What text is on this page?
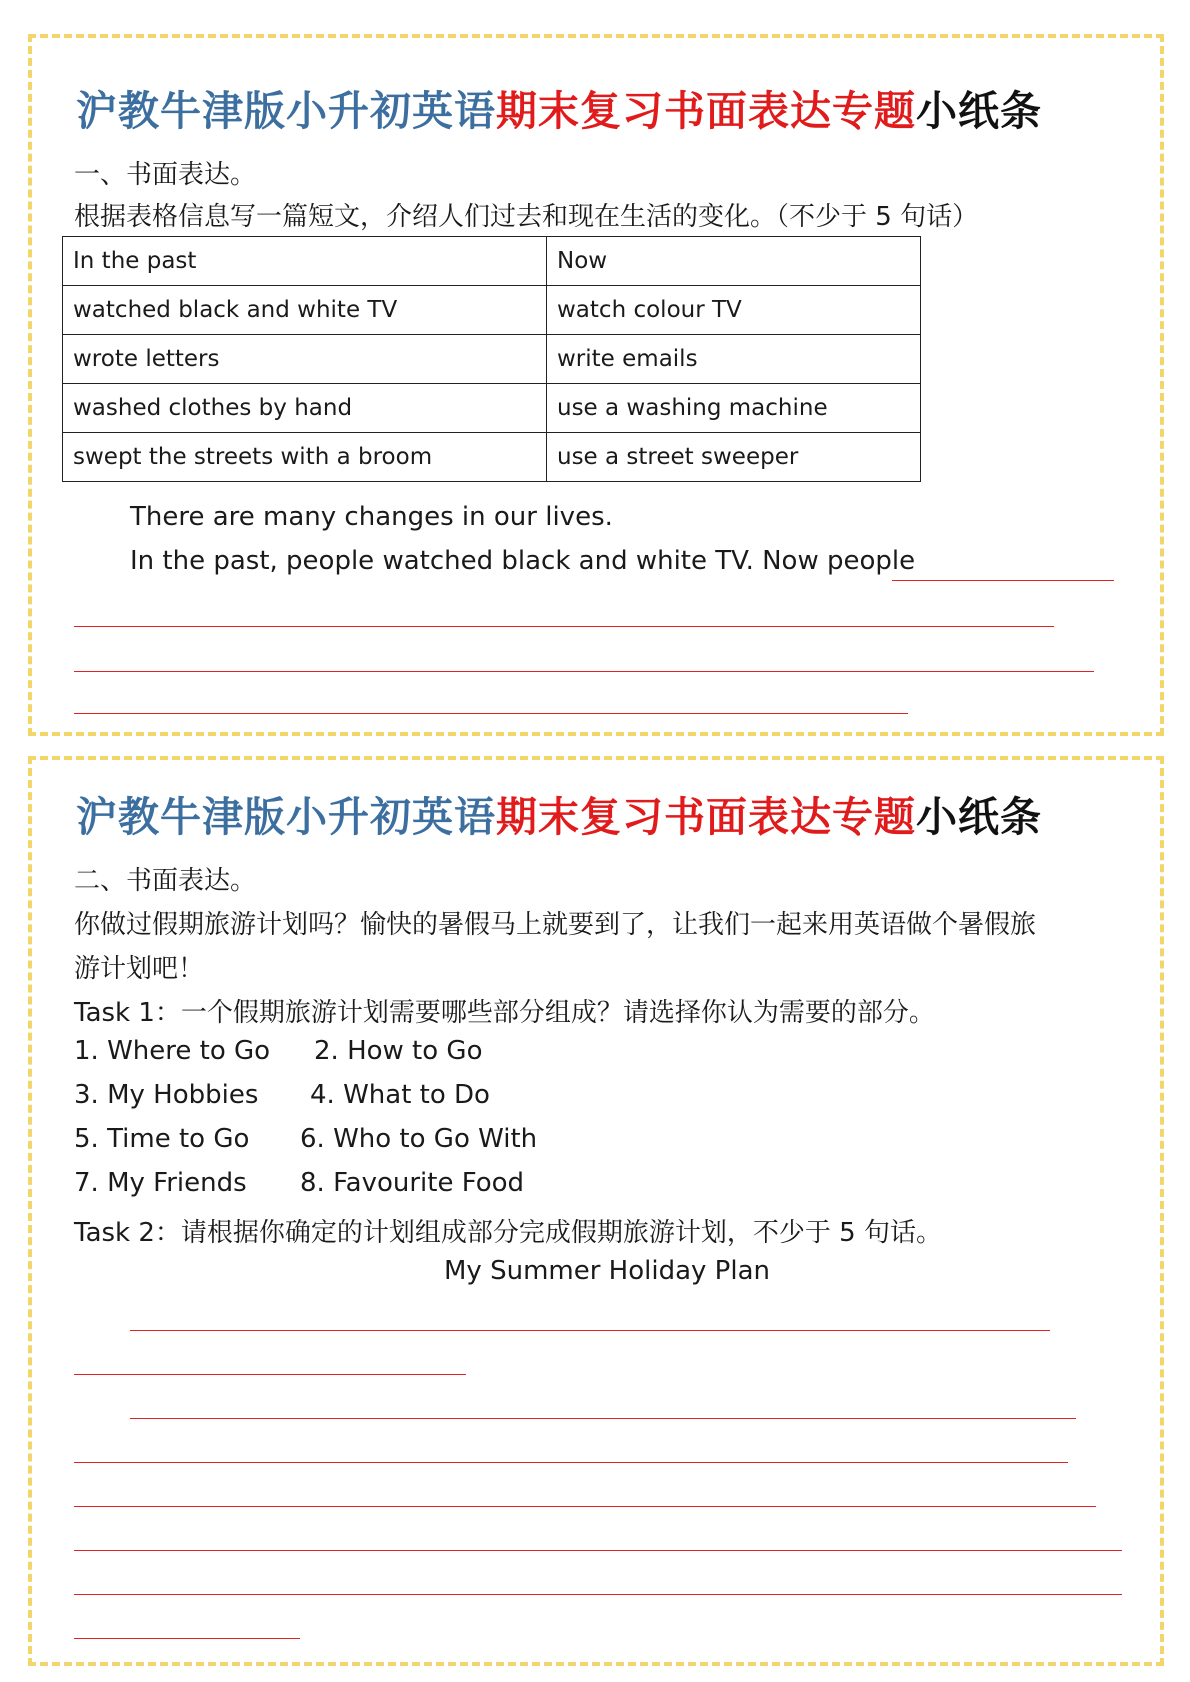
沪教牛津版小升初英语期末复习书面表达专题小纸条
一、书面表达。
根据表格信息写一篇短文，介绍人们过去和现在生活的变化。（不少于 5 句话）
In the past	Now
watched black and white TV	watch colour TV
wrote letters	write emails
washed clothes by hand	use a washing machine
swept the streets with a broom	use a street sweeper
There are many changes in our lives.
In the past, people watched black and white TV. Now people
沪教牛津版小升初英语期末复习书面表达专题小纸条
二、书面表达。
你做过假期旅游计划吗？愉快的暑假马上就要到了，让我们一起来用英语做个暑假旅
游计划吧！
Task 1：一个假期旅游计划需要哪些部分组成？请选择你认为需要的部分。
1. Where to Go 2. How to Go
3. My Hobbies 4. What to Do
5. Time to Go 6. Who to Go With
7. My Friends 8. Favourite Food
Task 2：请根据你确定的计划组成部分完成假期旅游计划，不少于 5 句话。
My Summer Holiday Plan
